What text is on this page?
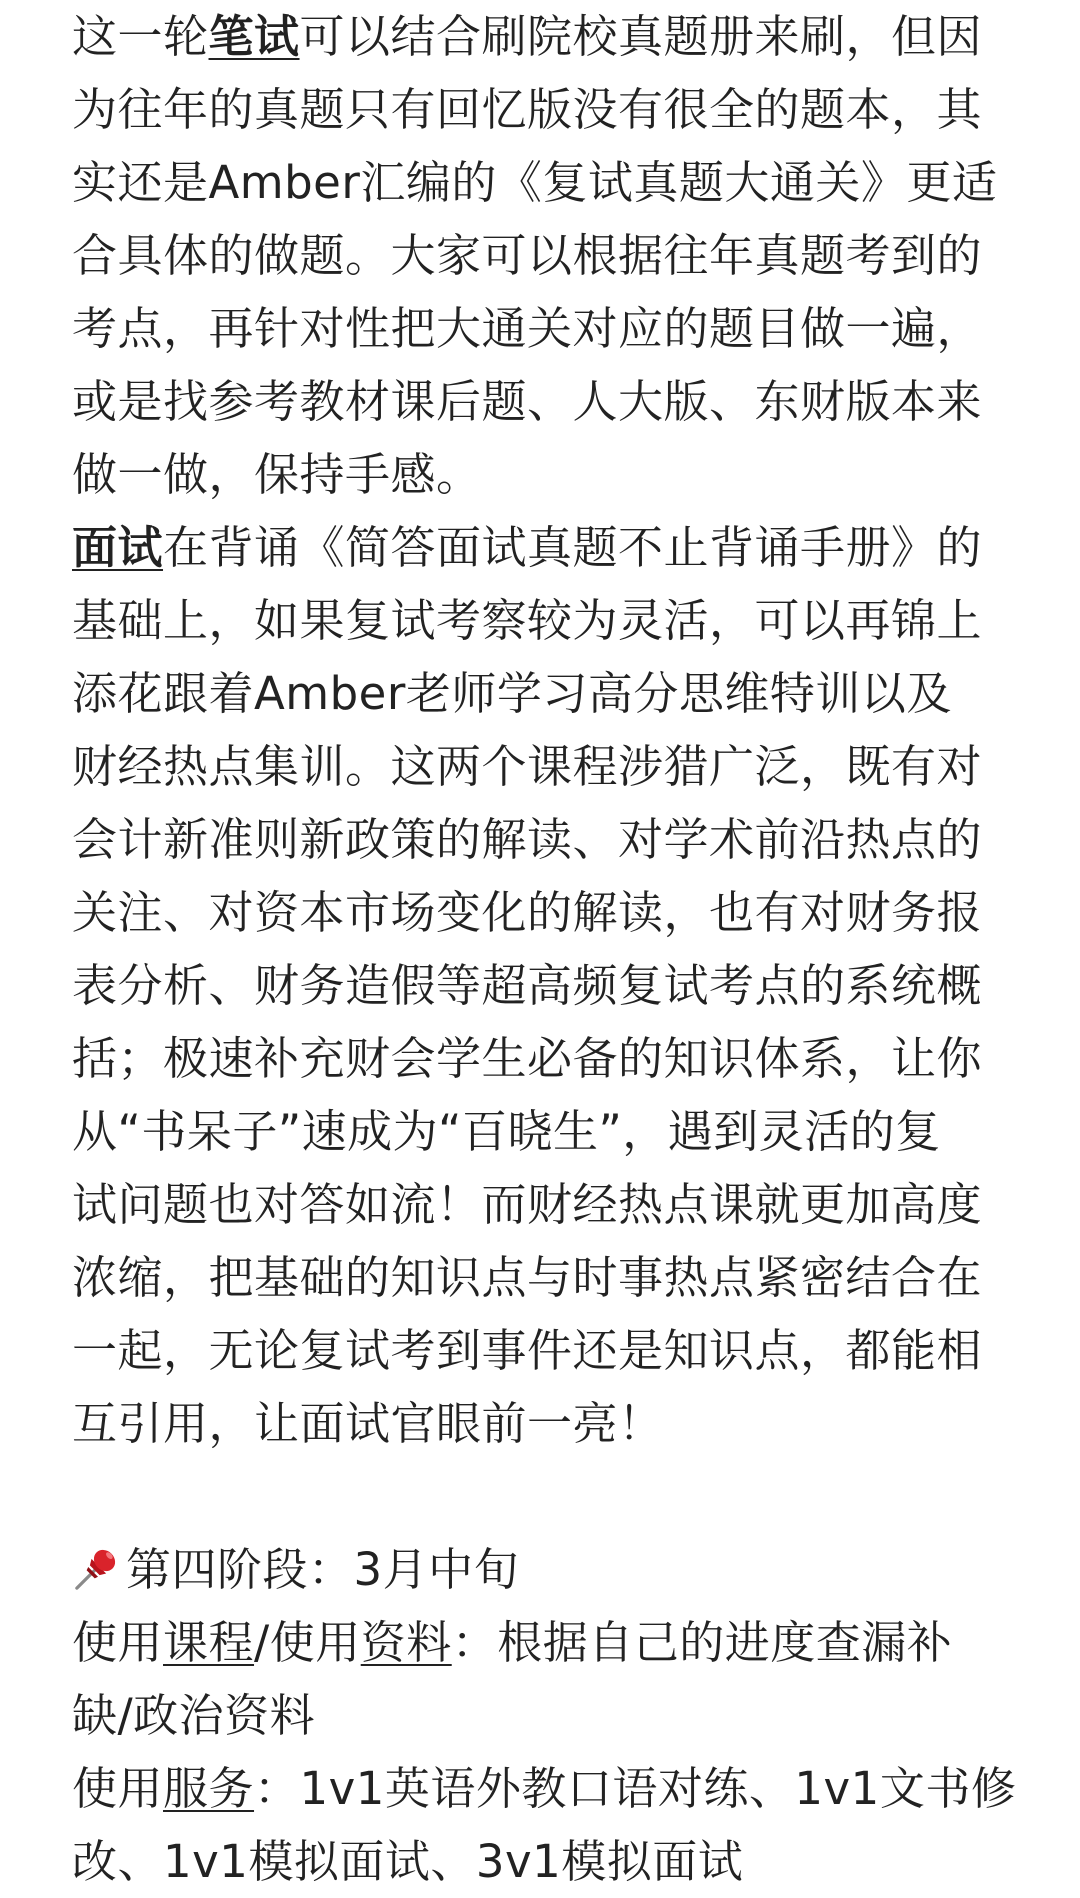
这一轮笔试可以结合刷院校真题册来刷，但因
为往年的真题只有回忆版没有很全的题本，其
实还是Amber汇编的《复试真题大通关》更适
合具体的做题。大家可以根据往年真题考到的
考点，再针对性把大通关对应的题目做一遍，
或是找参考教材课后题、人大版、东财版本来
做一做，保持手感。
面试在背诵《简答面试真题不止背诵手册》的
基础上，如果复试考察较为灵活，可以再锦上
添花跟着Amber老师学习高分思维特训以及
财经热点集训。这两个课程涉猎广泛，既有对
会计新准则新政策的解读、对学术前沿热点的
关注、对资本市场变化的解读，也有对财务报
表分析、财务造假等超高频复试考点的系统概
括；极速补充财会学生必备的知识体系，让你
从“书呆子”速成为“百晓生”，遇到灵活的复
试问题也对答如流！而财经热点课就更加高度
浓缩，把基础的知识点与时事热点紧密结合在
一起，无论复试考到事件还是知识点，都能相
互引用，让面试官眼前一亮！
第四阶段：3月中旬
使用课程/使用资料：根据自己的进度查漏补
缺/政治资料
使用服务：1v1英语外教口语对练、1v1文书修
改、1v1模拟面试、3v1模拟面试
